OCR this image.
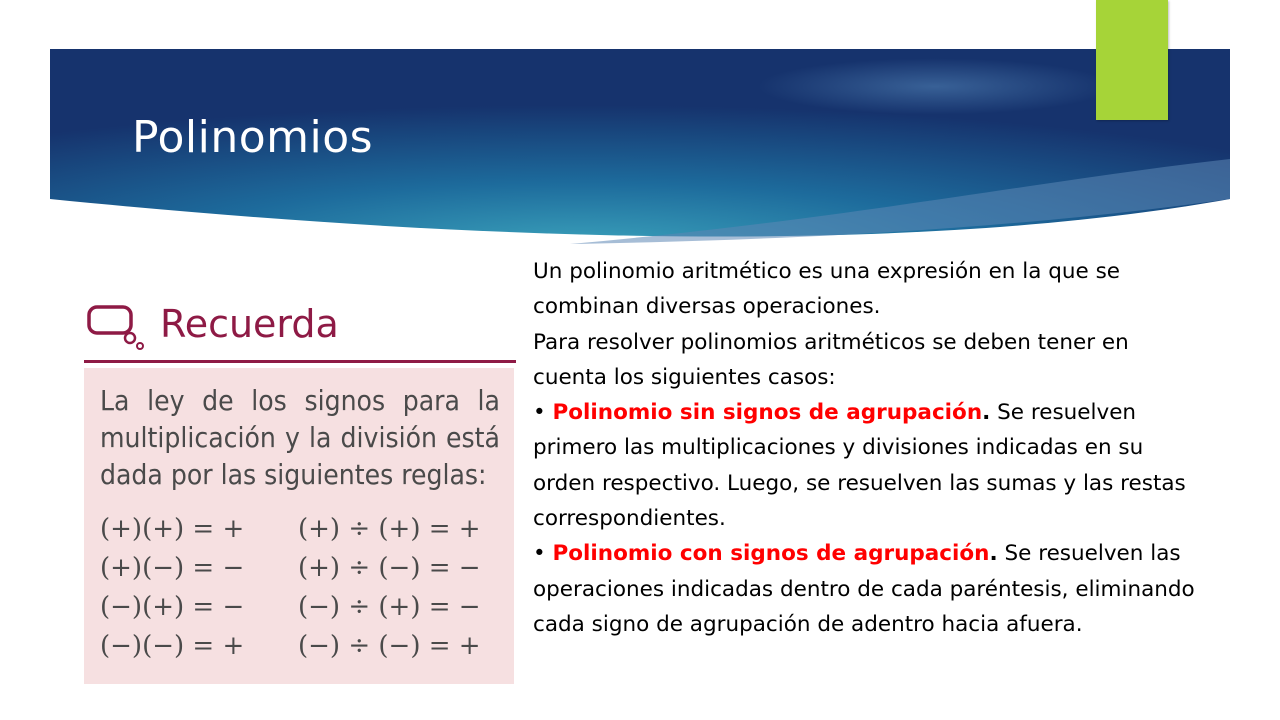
Polinomios
Recuerda
La ley de los signos para la multiplicación y la división está dada por las siguientes reglas:
(+)(+) = +	(+) ÷ (+) = +
(+)(−) = −	(+) ÷ (−) = −
(−)(+) = −	(−) ÷ (+) = −
(−)(−) = +	(−) ÷ (−) = +

Un polinomio aritmético es una expresión en la que se combinan diversas operaciones.

Para resolver polinomios aritméticos se deben tener en cuenta los siguientes casos:

• Polinomio sin signos de agrupación. Se resuelven primero las multiplicaciones y divisiones indicadas en su orden respectivo. Luego, se resuelven las sumas y las restas correspondientes.

• Polinomio con signos de agrupación. Se resuelven las operaciones indicadas dentro de cada paréntesis, eliminando cada signo de agrupación de adentro hacia afuera.
